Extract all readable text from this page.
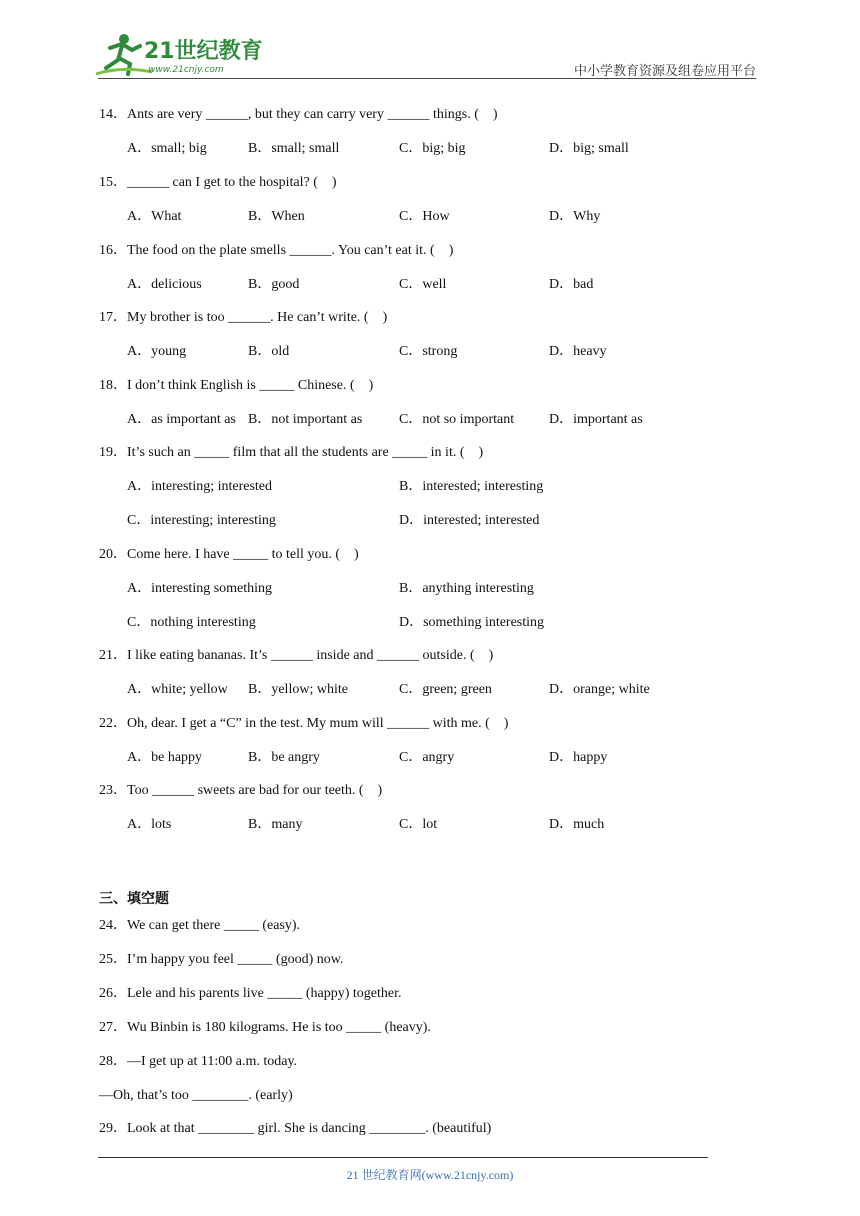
21世纪教育
www.21cnjy.com	中小学教育资源及组卷应用平台
14．Ants are very ______, but they can carry very ______ things. (　)
A．small; big	B．small; small	C．big; big	D．big; small
15．______ can I get to the hospital? (　)
A．What	B．When	C．How	D．Why
16．The food on the plate smells ______. You can’t eat it. (　)
A．delicious	B．good	C．well	D．bad
17．My brother is too ______. He can’t write. (　)
A．young	B．old	C．strong	D．heavy
18．I don’t think English is _____ Chinese. (　)
A．as important as B．not important as	C．not so important D．important as
19．It’s such an _____ film that all the students are _____ in it. (　)
A．interesting; interested	B．interested; interesting
C．interesting; interesting	D．interested; interested
20．Come here. I have _____ to tell you. (　)
A．interesting something	B．anything interesting
C．nothing interesting	D．something interesting
21．I like eating bananas. It’s ______ inside and ______ outside. (　)
A．white; yellow B．yellow; white	C．green; green	D．orange; white
22．Oh, dear. I get a “C” in the test. My mum will ______ with me. (　)
A．be happy	B．be angry	C．angry	D．happy
23．Too ______ sweets are bad for our teeth. (　)
A．lots	B．many	C．lot	D．much
三、填空题
24．We can get there _____ (easy).
25．I’m happy you feel _____ (good) now.
26．Lele and his parents live _____ (happy) together.
27．Wu Binbin is 180 kilograms. He is too _____ (heavy).
28．—I get up at 11:00 a.m. today.
—Oh, that’s too ________. (early)
29．Look at that ________ girl. She is dancing ________. (beautiful)
21 世纪教育网(www.21cnjy.com)
